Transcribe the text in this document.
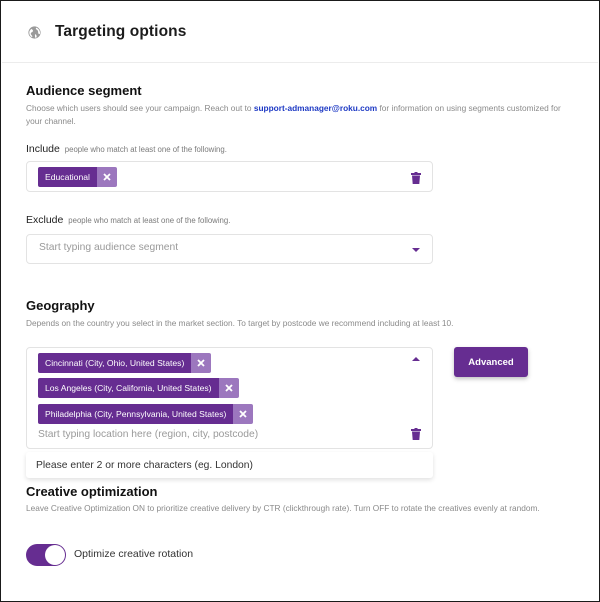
Targeting options
Audience segment
Choose which users should see your campaign. Reach out to support-admanager@roku.com for information on using segments customized for your channel.
Include people who match at least one of the following.
Educational
Exclude people who match at least one of the following.
Start typing audience segment
Geography
Depends on the country you select in the market section. To target by postcode we recommend including at least 10.
Cincinnati (City, Ohio, United States)
Los Angeles (City, California, United States)
Philadelphia (City, Pennsylvania, United States)
Start typing location here (region, city, postcode)
Advanced
Please enter 2 or more characters (eg. London)
Creative optimization
Leave Creative Optimization ON to prioritize creative delivery by CTR (clickthrough rate). Turn OFF to rotate the creatives evenly at random.
Optimize creative rotation
